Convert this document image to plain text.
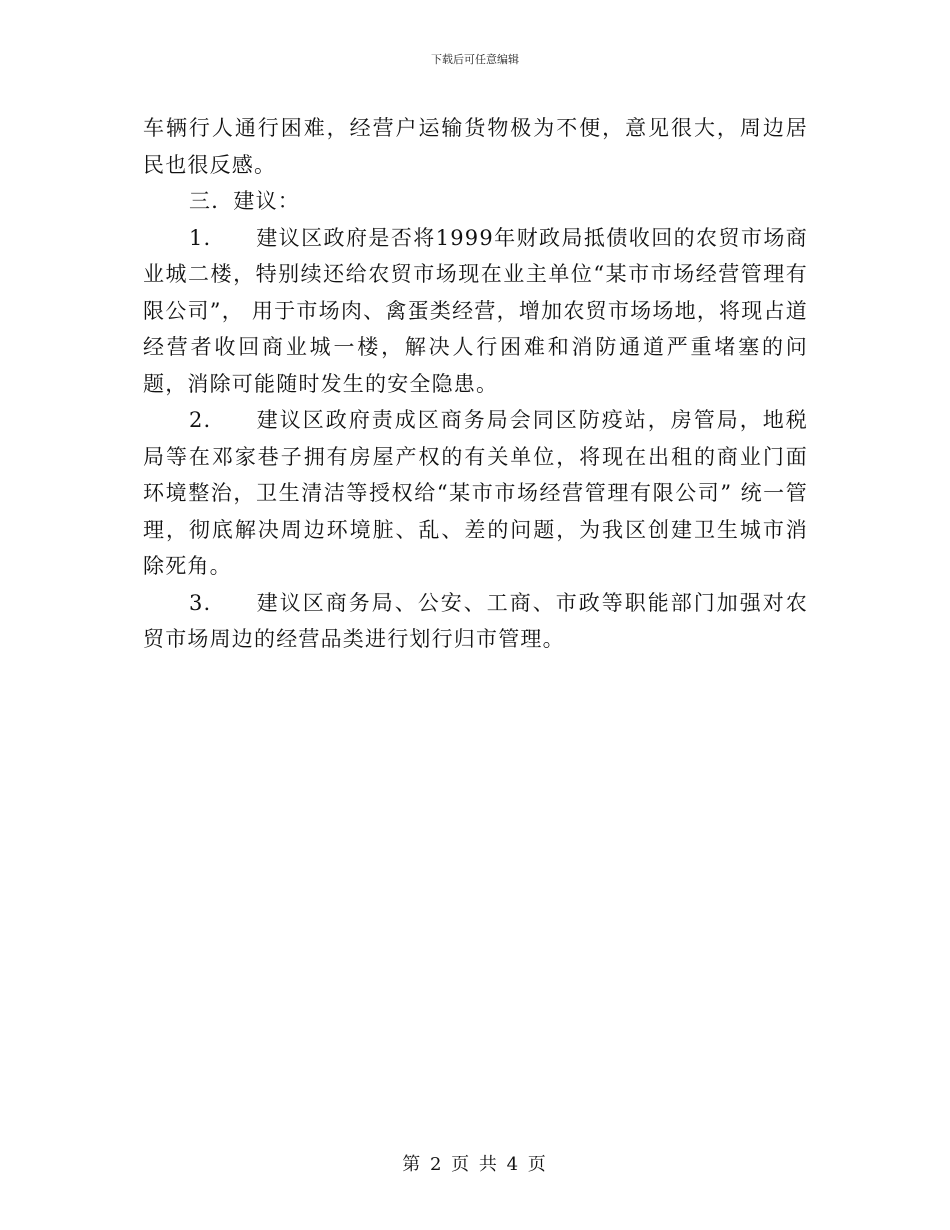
下载后可任意编辑

车辆行人通行困难，经营户运输货物极为不便，意见很大，周边居民也很反感。

三．建议：

1. 建议区政府是否将1999年财政局抵债收回的农贸市场商业城二楼，特别续还给农贸市场现在业主单位“某市市场经营管理有限公司”， 用于市场肉、禽蛋类经营，增加农贸市场场地，将现占道经营者收回商业城一楼，解决人行困难和消防通道严重堵塞的问题，消除可能随时发生的安全隐患。

2. 建议区政府责成区商务局会同区防疫站，房管局，地税局等在邓家巷子拥有房屋产权的有关单位，将现在出租的商业门面环境整治，卫生清洁等授权给“某市市场经营管理有限公司” 统一管理，彻底解决周边环境脏、乱、差的问题，为我区创建卫生城市消除死角。

3. 建议区商务局、公安、工商、市政等职能部门加强对农贸市场周边的经营品类进行划行归市管理。

第 2 页 共 4 页
